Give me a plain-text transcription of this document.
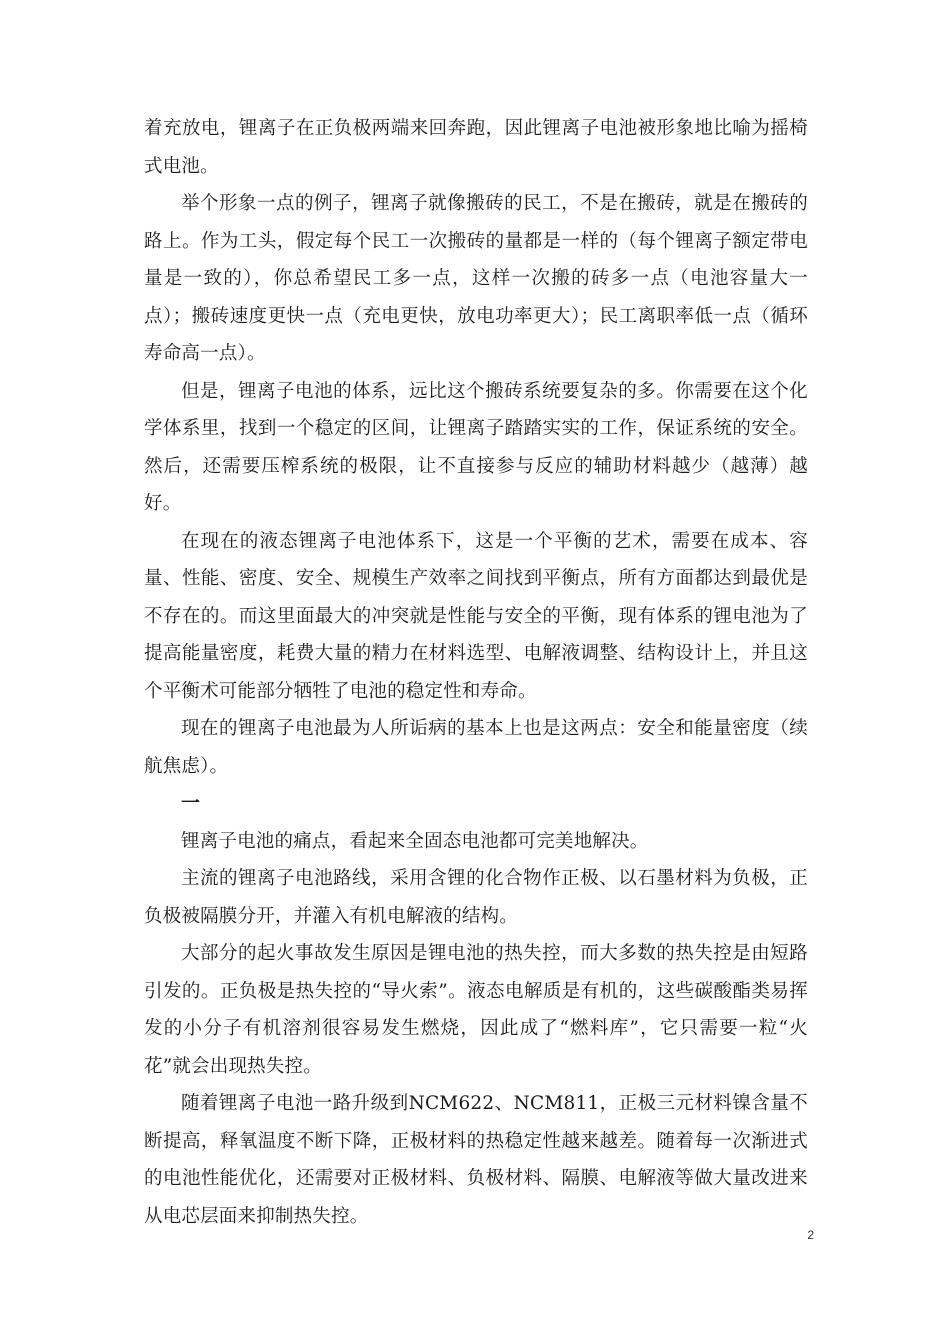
着充放电，锂离子在正负极两端来回奔跑，因此锂离子电池被形象地比喻为摇椅式电池。

举个形象一点的例子，锂离子就像搬砖的民工，不是在搬砖，就是在搬砖的路上。作为工头，假定每个民工一次搬砖的量都是一样的（每个锂离子额定带电量是一致的），你总希望民工多一点，这样一次搬的砖多一点（电池容量大一点）；搬砖速度更快一点（充电更快，放电功率更大）；民工离职率低一点（循环寿命高一点）。

但是，锂离子电池的体系，远比这个搬砖系统要复杂的多。你需要在这个化学体系里，找到一个稳定的区间，让锂离子踏踏实实的工作，保证系统的安全。然后，还需要压榨系统的极限，让不直接参与反应的辅助材料越少（越薄）越好。

在现在的液态锂离子电池体系下，这是一个平衡的艺术，需要在成本、容量、性能、密度、安全、规模生产效率之间找到平衡点，所有方面都达到最优是不存在的。而这里面最大的冲突就是性能与安全的平衡，现有体系的锂电池为了提高能量密度，耗费大量的精力在材料选型、电解液调整、结构设计上，并且这个平衡术可能部分牺牲了电池的稳定性和寿命。

现在的锂离子电池最为人所诟病的基本上也是这两点：安全和能量密度（续航焦虑）。

一

锂离子电池的痛点，看起来全固态电池都可完美地解决。

主流的锂离子电池路线，采用含锂的化合物作正极、以石墨材料为负极，正负极被隔膜分开，并灌入有机电解液的结构。

大部分的起火事故发生原因是锂电池的热失控，而大多数的热失控是由短路引发的。正负极是热失控的“导火索”。液态电解质是有机的，这些碳酸酯类易挥发的小分子有机溶剂很容易发生燃烧，因此成了“燃料库”，它只需要一粒“火花”就会出现热失控。

随着锂离子电池一路升级到NCM622、NCM811，正极三元材料镍含量不断提高，释氧温度不断下降，正极材料的热稳定性越来越差。随着每一次渐进式的电池性能优化，还需要对正极材料、负极材料、隔膜、电解液等做大量改进来从电芯层面来抑制热失控。

2
